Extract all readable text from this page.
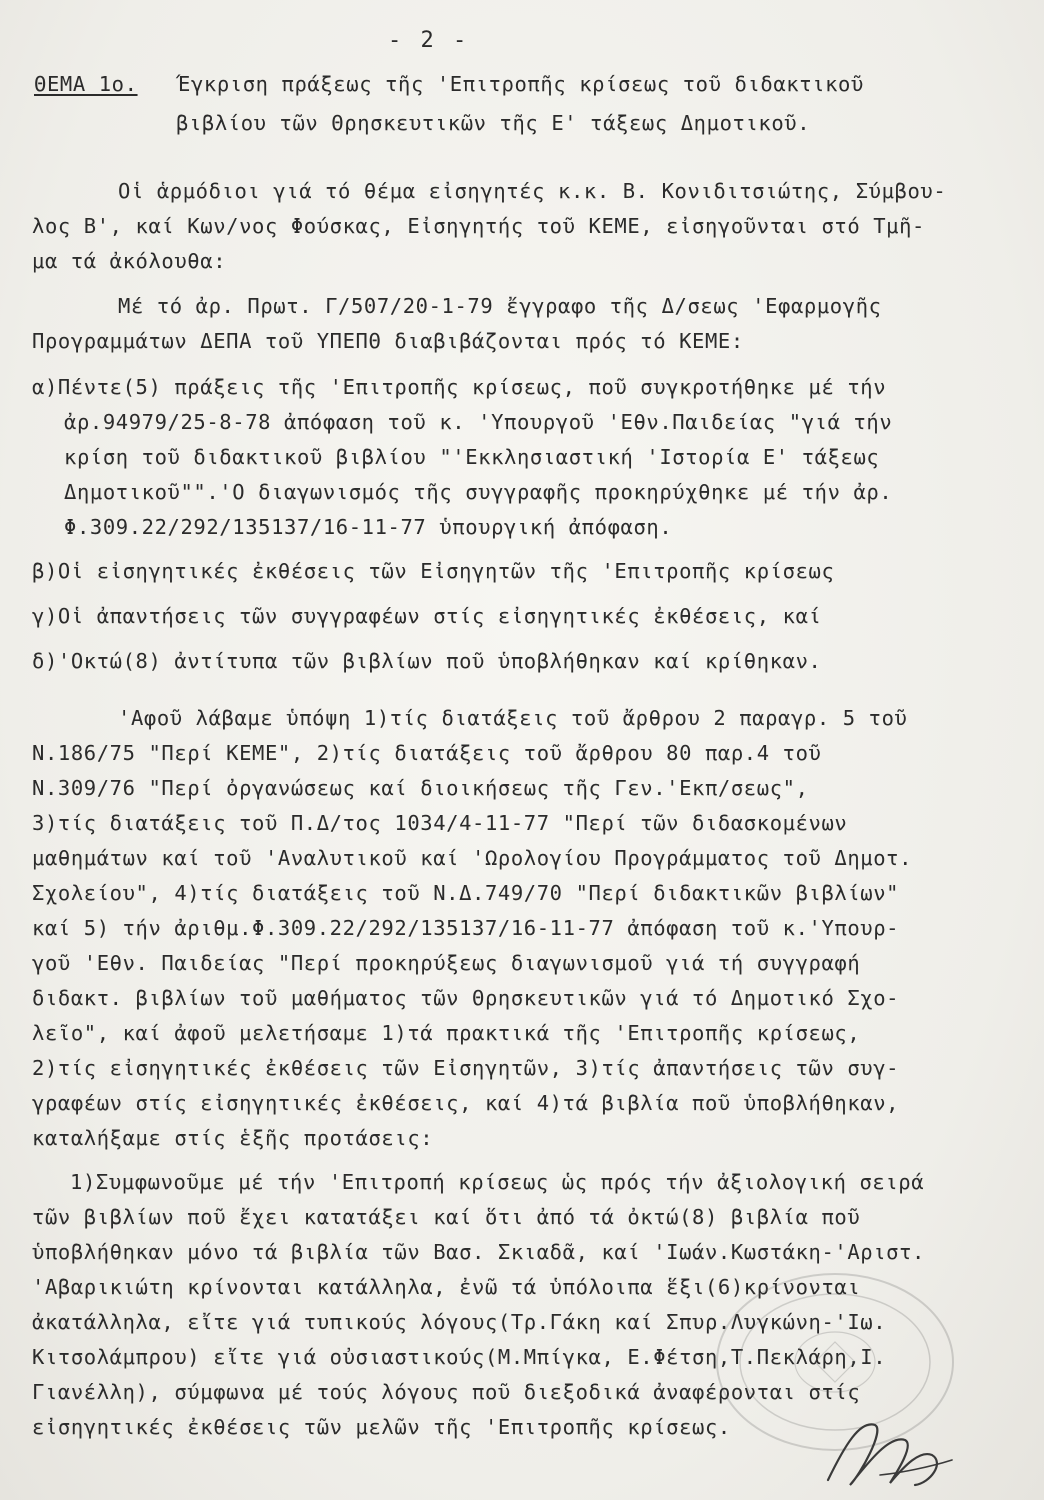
- 2 -
ΘΕΜΑ 1ο. Έγκριση πράξεως τῆς 'Επιτροπῆς κρίσεως τοῦ διδακτικοῦ
βιβλίου τῶν Θρησκευτικῶν τῆς Ε' τάξεως Δημοτικοῦ.
Οἱ ἁρμόδιοι γιά τό θέμα εἰσηγητές κ.κ. Β. Κονιδιτσιώτης, Σύμβου-
λος Β', καί Κων/νος Φούσκας, Εἰσηγητής τοῦ ΚΕΜΕ, εἰσηγοῦνται στό Τμῆ-
μα τά ἀκόλουθα:
Μέ τό ἀρ. Πρωτ. Γ/507/20-1-79 ἔγγραφο τῆς Δ/σεως 'Εφαρμογῆς
Προγραμμάτων ΔΕΠΑ τοῦ ΥΠΕΠΘ διαβιβάζονται πρός τό ΚΕΜΕ:
α)Πέντε(5) πράξεις τῆς 'Επιτροπῆς κρίσεως, ποῦ συγκροτήθηκε μέ τήν
ἀρ.94979/25-8-78 ἀπόφαση τοῦ κ. 'Υπουργοῦ 'Εθν.Παιδείας "γιά τήν
κρίση τοῦ διδακτικοῦ βιβλίου "'Εκκλησιαστική 'Ιστορία Ε' τάξεως
Δημοτικοῦ"".'Ο διαγωνισμός τῆς συγγραφῆς προκηρύχθηκε μέ τήν ἀρ.
Φ.309.22/292/135137/16-11-77 ὑπουργική ἀπόφαση.
β)Οἱ εἰσηγητικές ἐκθέσεις τῶν Εἰσηγητῶν τῆς 'Επιτροπῆς κρίσεως
γ)Οἱ ἀπαντήσεις τῶν συγγραφέων στίς εἰσηγητικές ἐκθέσεις, καί
δ)'Οκτώ(8) ἀντίτυπα τῶν βιβλίων ποῦ ὑποβλήθηκαν καί κρίθηκαν.
'Αφοῦ λάβαμε ὑπόψη 1)τίς διατάξεις τοῦ ἄρθρου 2 παραγρ. 5 τοῦ
Ν.186/75 "Περί ΚΕΜΕ", 2)τίς διατάξεις τοῦ ἄρθρου 80 παρ.4 τοῦ
Ν.309/76 "Περί ὀργανώσεως καί διοικήσεως τῆς Γεν.'Εκπ/σεως",
3)τίς διατάξεις τοῦ Π.Δ/τος 1034/4-11-77 "Περί τῶν διδασκομένων
μαθημάτων καί τοῦ 'Αναλυτικοῦ καί 'Ωρολογίου Προγράμματος τοῦ Δημοτ.
Σχολείου", 4)τίς διατάξεις τοῦ Ν.Δ.749/70 "Περί διδακτικῶν βιβλίων"
καί 5) τήν ἀριθμ.Φ.309.22/292/135137/16-11-77 ἀπόφαση τοῦ κ.'Υπουρ-
γοῦ 'Εθν. Παιδείας "Περί προκηρύξεως διαγωνισμοῦ γιά τή συγγραφή
διδακτ. βιβλίων τοῦ μαθήματος τῶν Θρησκευτικῶν γιά τό Δημοτικό Σχο-
λεῖο", καί ἀφοῦ μελετήσαμε 1)τά πρακτικά τῆς 'Επιτροπῆς κρίσεως,
2)τίς εἰσηγητικές ἐκθέσεις τῶν Εἰσηγητῶν, 3)τίς ἀπαντήσεις τῶν συγ-
γραφέων στίς εἰσηγητικές ἐκθέσεις, καί 4)τά βιβλία ποῦ ὑποβλήθηκαν,
καταλήξαμε στίς ἑξῆς προτάσεις:
1)Συμφωνοῦμε μέ τήν 'Επιτροπή κρίσεως ὡς πρός τήν ἀξιολογική σειρά
τῶν βιβλίων ποῦ ἔχει κατατάξει καί ὅτι ἀπό τά ὀκτώ(8) βιβλία ποῦ
ὑποβλήθηκαν μόνο τά βιβλία τῶν Βασ. Σκιαδᾶ, καί 'Ιωάν.Κωστάκη-'Αριστ.
'Αβαρικιώτη κρίνονται κατάλληλα, ἐνῶ τά ὑπόλοιπα ἕξι(6)κρίνονται
ἀκατάλληλα, εἴτε γιά τυπικούς λόγους(Τρ.Γάκη καί Σπυρ.Λυγκώνη-'Ιω.
Κιτσολάμπρου) εἴτε γιά οὐσιαστικούς(Μ.Μπίγκα, Ε.Φέτση,Τ.Πεκλάρη,Ι.
Γιανέλλη), σύμφωνα μέ τούς λόγους ποῦ διεξοδικά ἀναφέρονται στίς
εἰσηγητικές ἐκθέσεις τῶν μελῶν τῆς 'Επιτροπῆς κρίσεως.
